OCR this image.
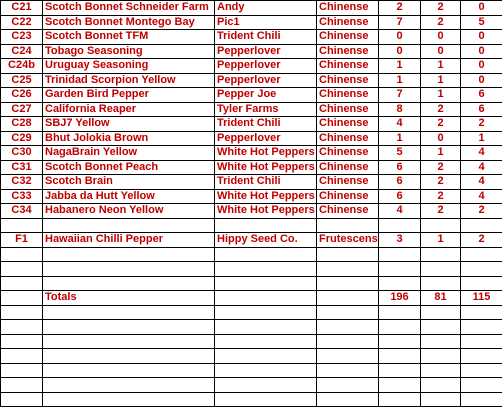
C21	Scotch Bonnet Schneider Farm	Andy	Chinense	2	2	0
C22	Scotch Bonnet Montego Bay	Pic1	Chinense	7	2	5
C23	Scotch Bonnet TFM	Trident Chili	Chinense	0	0	0
C24	Tobago Seasoning	Pepperlover	Chinense	0	0	0
C24b	Uruguay Seasoning	Pepperlover	Chinense	1	1	0
C25	Trinidad Scorpion Yellow	Pepperlover	Chinense	1	1	0
C26	Garden Bird Pepper	Pepper Joe	Chinense	7	1	6
C27	California Reaper	Tyler Farms	Chinense	8	2	6
C28	SBJ7 Yellow	Trident Chili	Chinense	4	2	2
C29	Bhut Jolokia Brown	Pepperlover	Chinense	1	0	1
C30	NagaBrain Yellow	White Hot Peppers	Chinense	5	1	4
C31	Scotch Bonnet Peach	White Hot Peppers	Chinense	6	2	4
C32	Scotch Brain	Trident Chili	Chinense	6	2	4
C33	Jabba da Hutt Yellow	White Hot Peppers	Chinense	6	2	4
C34	Habanero Neon Yellow	White Hot Peppers	Chinense	4	2	2

F1	Hawaiian Chilli Pepper	Hippy Seed Co.	Frutescens	3	1	2

	Totals			196	81	115
